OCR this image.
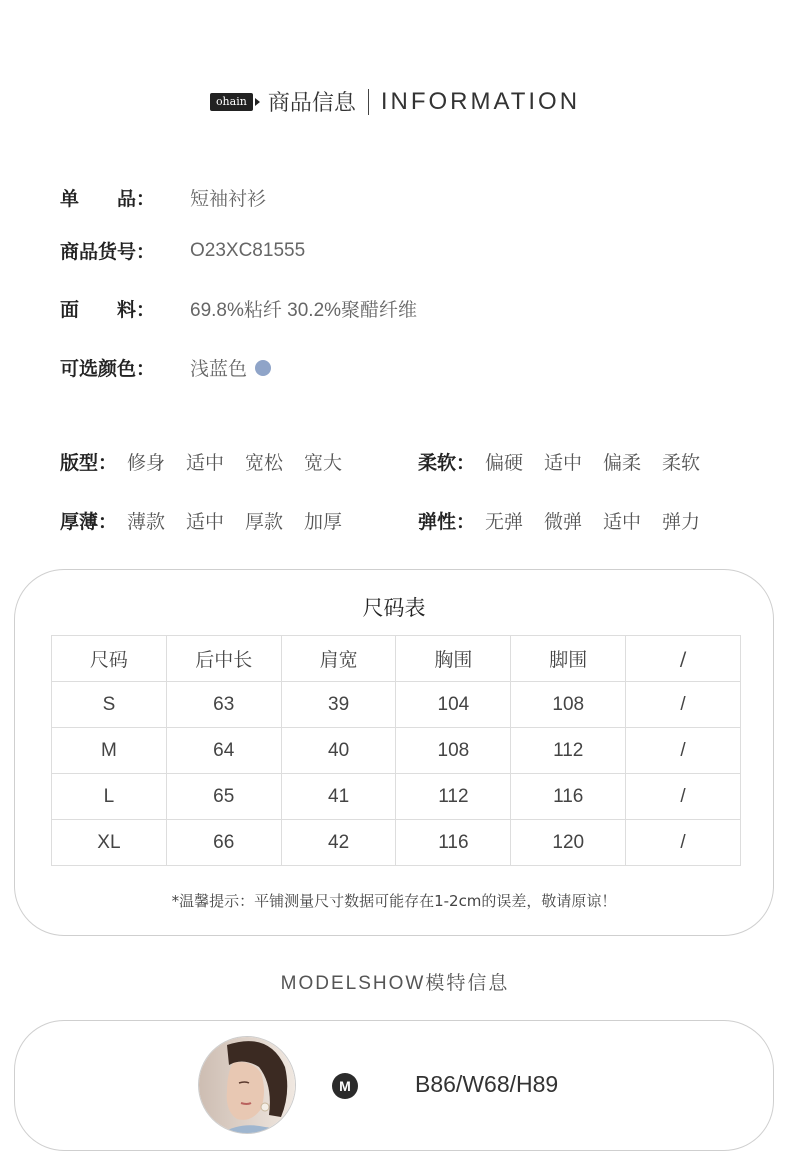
ohain 商品信息 INFORMATION
单　　品：	短袖衬衫
商品货号：	O23XC81555
面　　料：	69.8%粘纤 30.2%聚醋纤维
可选颜色：	浅蓝色
版型： 修身	适中	宽松	宽大	柔软： 偏硬	适中	偏柔	柔软
厚薄： 薄款	适中	厚款	加厚	弹性： 无弹	微弹	适中	弹力
尺码表
尺码	后中长	肩宽	胸围	脚围	/
S	63	39	104	108	/
M	64	40	108	112	/
L	65	41	112	116	/
XL	66	42	116	120	/
*温馨提示：平铺测量尺寸数据可能存在1-2cm的误差，敬请原谅！
MODELSHOW模特信息
M	B86/W68/H89
